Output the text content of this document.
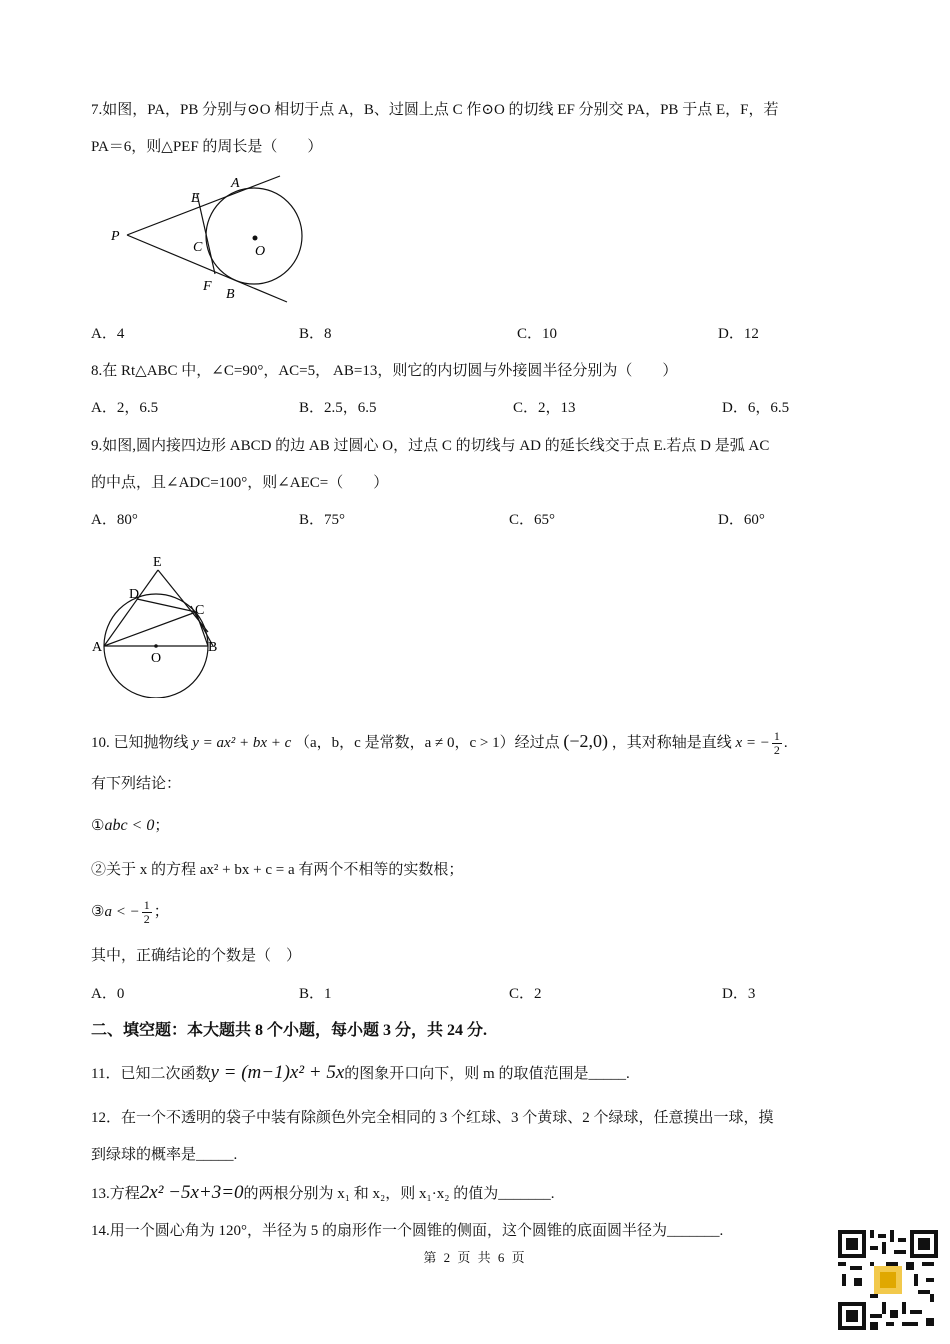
7.如图，PA，PB 分别与⊙O 相切于点 A，B、过圆上点 C 作⊙O 的切线 EF 分别交 PA，PB 于点 E，F，若
PA＝6，则△PEF 的周长是（　　）
P
A
E
C	O
F
B
A．4	B．8	C．10	D．12
8.在 Rt△ABC 中，∠C=90°，AC=5， AB=13，则它的内切圆与外接圆半径分别为（　　）
A．2，6.5	B．2.5，6.5	C．2，13	D．6，6.5
9.如图,圆内接四边形 ABCD 的边 AB 过圆心 O，过点 C 的切线与 AD 的延长线交于点 E.若点 D 是弧 AC
的中点，且∠ADC=100°，则∠AEC=（　　）
A．80°	B．75°	C．65°	D．60°
E
D
C
A
O
B
10. 已知抛物线 y = ax² + bx + c （a，b，c 是常数，a ≠ 0，c > 1）经过点 (−2,0) ，其对称轴是直线 x = − $\frac{1}{2}$ .
有下列结论：
①abc < 0；
②关于 x 的方程 ax² + bx + c = a 有两个不相等的实数根；
③a < − $\frac{1}{2}$ ；
其中，正确结论的个数是（　）
A．0	B．1	C．2	D．3
二、填空题：本大题共 8 个小题，每小题 3 分，共 24 分.
11．已知二次函数y = (m−1)x² + 5x的图象开口向下，则 m 的取值范围是_____.
12．在一个不透明的袋子中装有除颜色外完全相同的 3 个红球、3 个黄球、2 个绿球，任意摸出一球，摸
到绿球的概率是_____.
13.方程2x² −5x+3=0的两根分别为 x₁ 和 x₂，则 x₁·x₂ 的值为_______.
14.用一个圆心角为 120°，半径为 5 的扇形作一个圆锥的侧面，这个圆锥的底面圆半径为_______.
第 2 页 共 6 页
